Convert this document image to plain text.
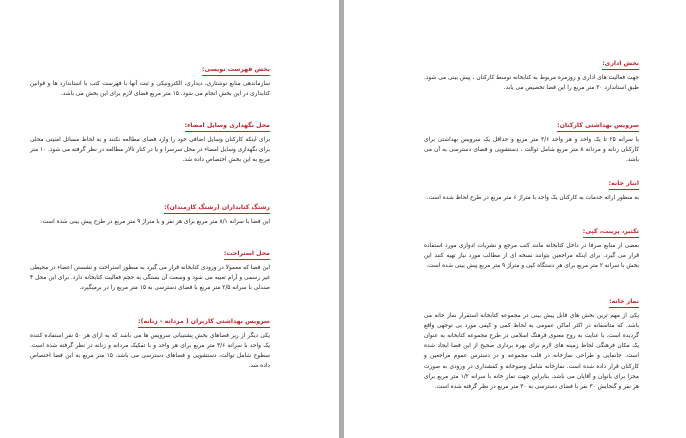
بخش فهرست نویسی:

سازماندهی منابع نوشتاری، دیداری، الکترونیکی و ثبت آنها با فهرست کتب با استاندارد ها و قوانین کتابداری در این بخش انجام می شود. ۱۵ متر مربع فضای لازم برای این بخش می باشد.

محل نگهداری وسایل امضاء:

برای اینکه کارکنان وسایل اضافی خود را وارد فضای مطالعه نکنند و به لحاظ مسائل امنیتی محلی برای نگهداری وسایل امضاء در محل سرسرا و یا در کنار تالار مطالعه در نظر گرفته می شود. ۱۰ متر مربع به این بخش اختصاص داده شد.

رشتگ کتابداران (رشتگ کارمندان):

این فضا با سرانه ۸/۱ متر مربع برای هر نفر و با متراژ ۹ متر مربع در طرح پیش بینی شده است.

محل استراحت:

این فضا که معمولا در ورودی کتابخانه قرار می گیرد به منظور استراحت و نشستن اعضاء در محیطی غیر رسمی و آرام تعبیه می شود و وسعت آن بستگی به حجم فعالیت کتابخانه دارد. برای این محل ۴ صندلی با سرانه ۲/۵ متر مربع با فضای دسترسی به ۱۵ متر مربع را در برمیگیرد.

سرویس بهداشتی کاربران ( مردانه - زنانه):

یکی دیگر از ریز فضاهای بخش پشتیبانی سرویس ها می باشد که به ازای هر ۵۰ نفر استفاده کننده یک واحد با سرانه ۳/۶ متر مربع برای هر واحد و با تفکیک مردانه و زنانه در نظر گرفته شده است. سطوح شامل توالت، دستشویی و فضاهای دسترسی می باشد. ۱۵ متر مربع به این فضا اختصاص داده شد.

بخش اداری:

جهت فعالیت های اداری و روزمره مربوط به کتابخانه توسط کارکنان ، پیش بینی می شود. طبق استاندارد ۳۰ متر مربع را این فضا تخصیص می یابد.

سرویس بهداشتی کارکنان:

با سرانه ۲۵ تا یک واحد و هر واحد ۳/۶ متر مربع و حداقل یک سرویس بهداشتی برای کارکنان زنانه و مردانه ۸ متر مربع شامل توالت ، دستشویی و فضای دسترسی به آن می باشد.

انبار خانه:

به منظور ارائه خدمات به کارکنان یک واحد با متراژ ۶ متر مربع در طرح لحاظ شده است.

تکثیر، پرینت، کپی:

بعضی از منابع صرفا در داخل کتابخانه مانند کتب مرجع و نشریات ادواری مورد استفاده قرار می گیرد. برای اینکه مراجعین بتوانند نسخه ای از مطالب مورد نیاز تهیه کنند این بخش با سرانه ۲ متر مربع برای هر دستگاه کپی و متراژ ۹ متر مربع پیش بینی شده است.

نماز خانه:

یکی از مهم ترین بخش های قابل پیش بینی در مجموعه کتابخانه استقرار نماز خانه می باشد. که متاسفانه در اکثر اماکن عمومی به لحاظ کمی و کیفی مورد بی توجهی واقع گردیده است. با عنایت به روح معنوی فرهنگ اسلامی در طرح مجموعه کتابخانه به عنوان یک مکان فرهنگی لحاظ زمینه های لازم برای بهره برداری صحیح از این فضا ایجاد شده است. جانمایی و طراحی نمازخانه در قلب مجموعه و در دسترس عموم مراجعین و کارکنان قرار داده شده است. نمازخانه شامل وضوخانه و کفشداری در ورودی به صورت مجزا برای بانوان و آقایان می باشد. بنابراین جهت نماز خانه با سرانه ۱/۲ متر مربع برای هر نفر و گنجایش ۳۰ نفر با فضای دسترسی به ۳۰ متر مربع در نظر گرفته شده است.
